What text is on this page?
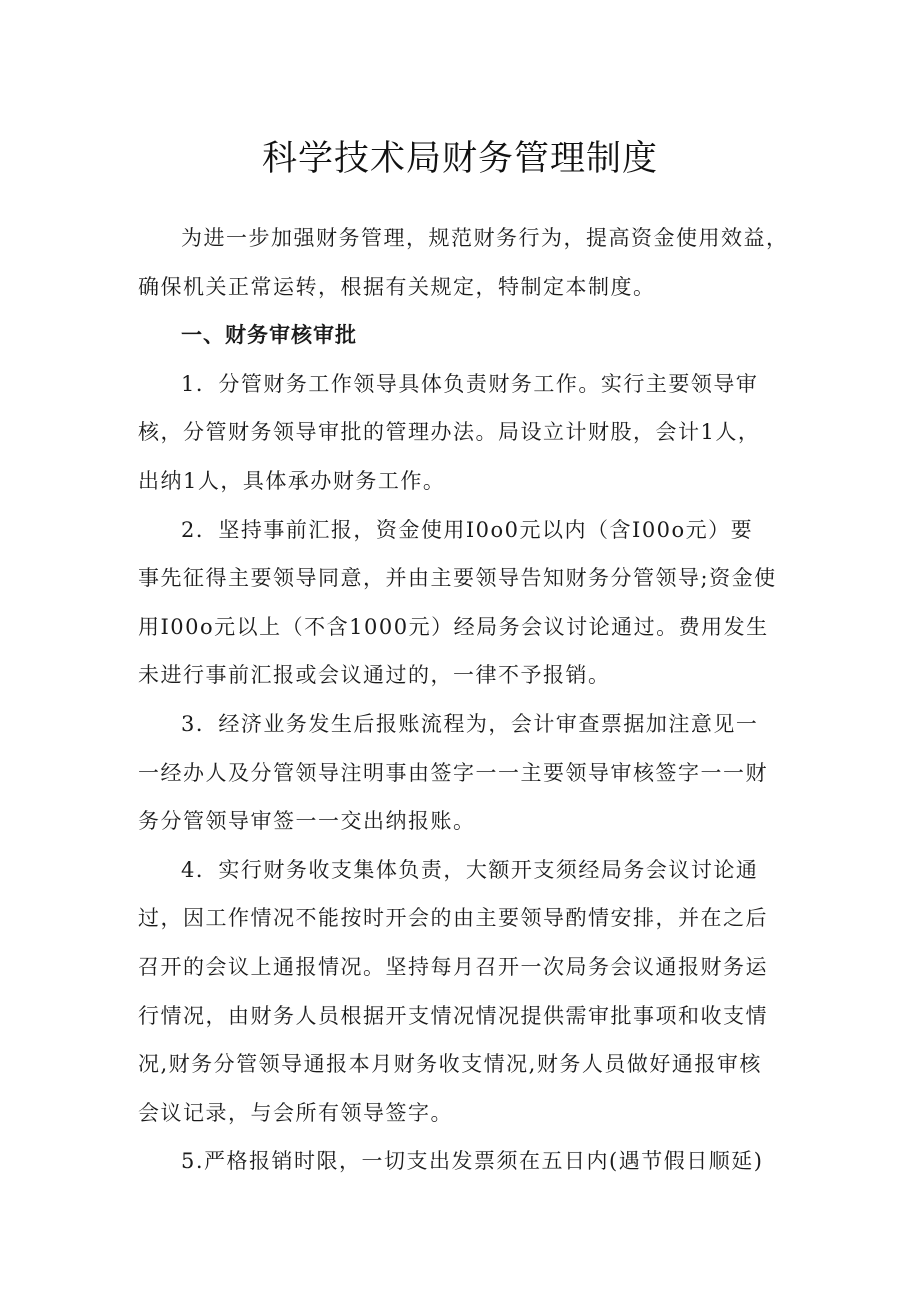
科学技术局财务管理制度
为进一步加强财务管理，规范财务行为，提高资金使用效益，
确保机关正常运转，根据有关规定，特制定本制度。
一、财务审核审批
1．分管财务工作领导具体负责财务工作。实行主要领导审
核，分管财务领导审批的管理办法。局设立计财股，会计1人，
出纳1人，具体承办财务工作。
2．坚持事前汇报，资金使用I0o0元以内（含I00o元）要
事先征得主要领导同意，并由主要领导告知财务分管领导;资金使
用I00o元以上（不含1000元）经局务会议讨论通过。费用发生
未进行事前汇报或会议通过的，一律不予报销。
3．经济业务发生后报账流程为，会计审查票据加注意见一
一经办人及分管领导注明事由签字一一主要领导审核签字一一财
务分管领导审签一一交出纳报账。
4．实行财务收支集体负责，大额开支须经局务会议讨论通
过，因工作情况不能按时开会的由主要领导酌情安排，并在之后
召开的会议上通报情况。坚持每月召开一次局务会议通报财务运
行情况，由财务人员根据开支情况情况提供需审批事项和收支情
况,财务分管领导通报本月财务收支情况,财务人员做好通报审核
会议记录，与会所有领导签字。
5.严格报销时限，一切支出发票须在五日内(遇节假日顺延)
